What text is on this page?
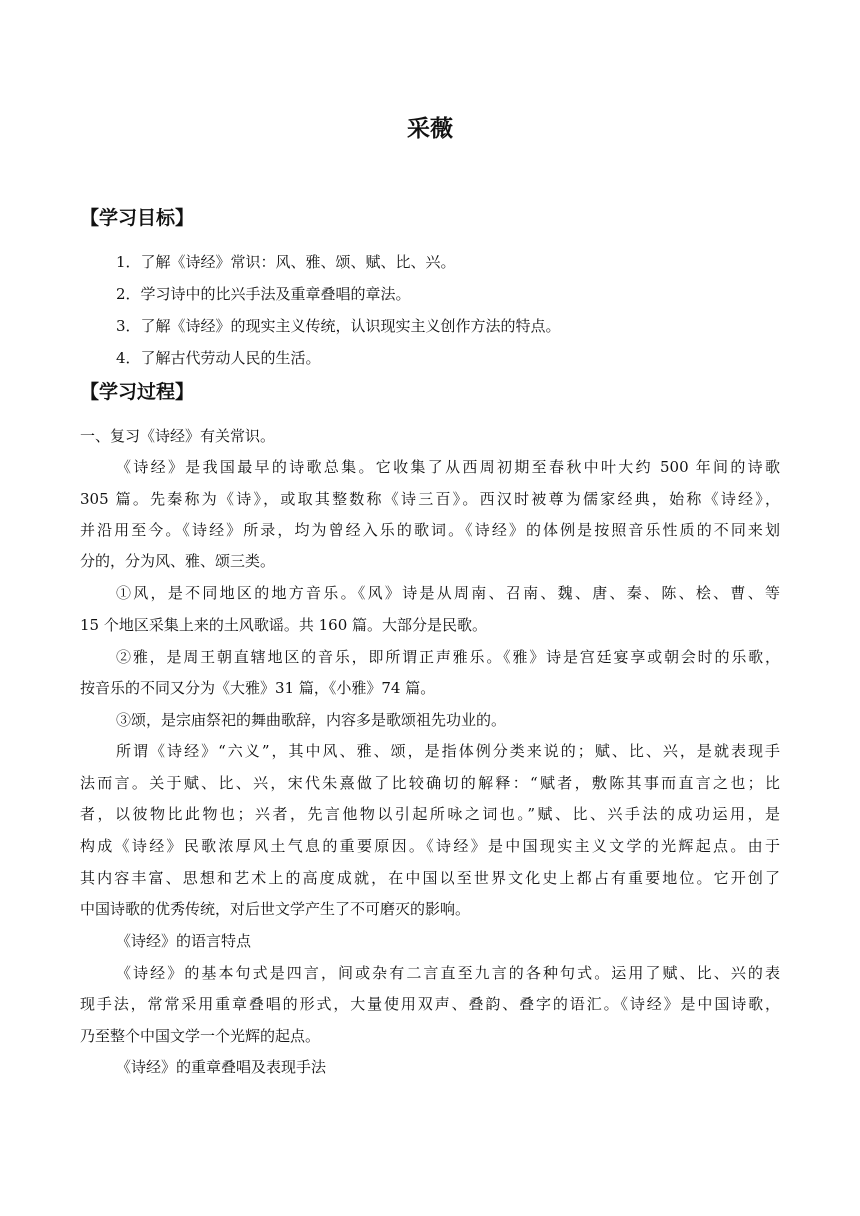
采薇
【学习目标】
1．了解《诗经》常识：风、雅、颂、赋、比、兴。
2．学习诗中的比兴手法及重章叠唱的章法。
3．了解《诗经》的现实主义传统，认识现实主义创作方法的特点。
4．了解古代劳动人民的生活。
【学习过程】
一、复习《诗经》有关常识。
《诗经》是我国最早的诗歌总集。它收集了从西周初期至春秋中叶大约 500 年间的诗歌
305 篇。先秦称为《诗》，或取其整数称《诗三百》。西汉时被尊为儒家经典，始称《诗经》，
并沿用至今。《诗经》所录，均为曾经入乐的歌词。《诗经》的体例是按照音乐性质的不同来划
分的，分为风、雅、颂三类。
①风，是不同地区的地方音乐。《风》诗是从周南、召南、魏、唐、秦、陈、桧、曹、等
15 个地区采集上来的土风歌谣。共 160 篇。大部分是民歌。
②雅，是周王朝直辖地区的音乐，即所谓正声雅乐。《雅》诗是宫廷宴享或朝会时的乐歌，
按音乐的不同又分为《大雅》31 篇，《小雅》74 篇。
③颂，是宗庙祭祀的舞曲歌辞，内容多是歌颂祖先功业的。
所谓《诗经》“六义”，其中风、雅、颂，是指体例分类来说的；赋、比、兴，是就表现手
法而言。关于赋、比、兴，宋代朱熹做了比较确切的解释：“赋者，敷陈其事而直言之也；比
者，以彼物比此物也；兴者，先言他物以引起所咏之词也。”赋、比、兴手法的成功运用，是
构成《诗经》民歌浓厚风土气息的重要原因。《诗经》是中国现实主义文学的光辉起点。由于
其内容丰富、思想和艺术上的高度成就，在中国以至世界文化史上都占有重要地位。它开创了
中国诗歌的优秀传统，对后世文学产生了不可磨灭的影响。
《诗经》的语言特点
《诗经》的基本句式是四言，间或杂有二言直至九言的各种句式。运用了赋、比、兴的表
现手法，常常采用重章叠唱的形式，大量使用双声、叠韵、叠字的语汇。《诗经》是中国诗歌，
乃至整个中国文学一个光辉的起点。
《诗经》的重章叠唱及表现手法
